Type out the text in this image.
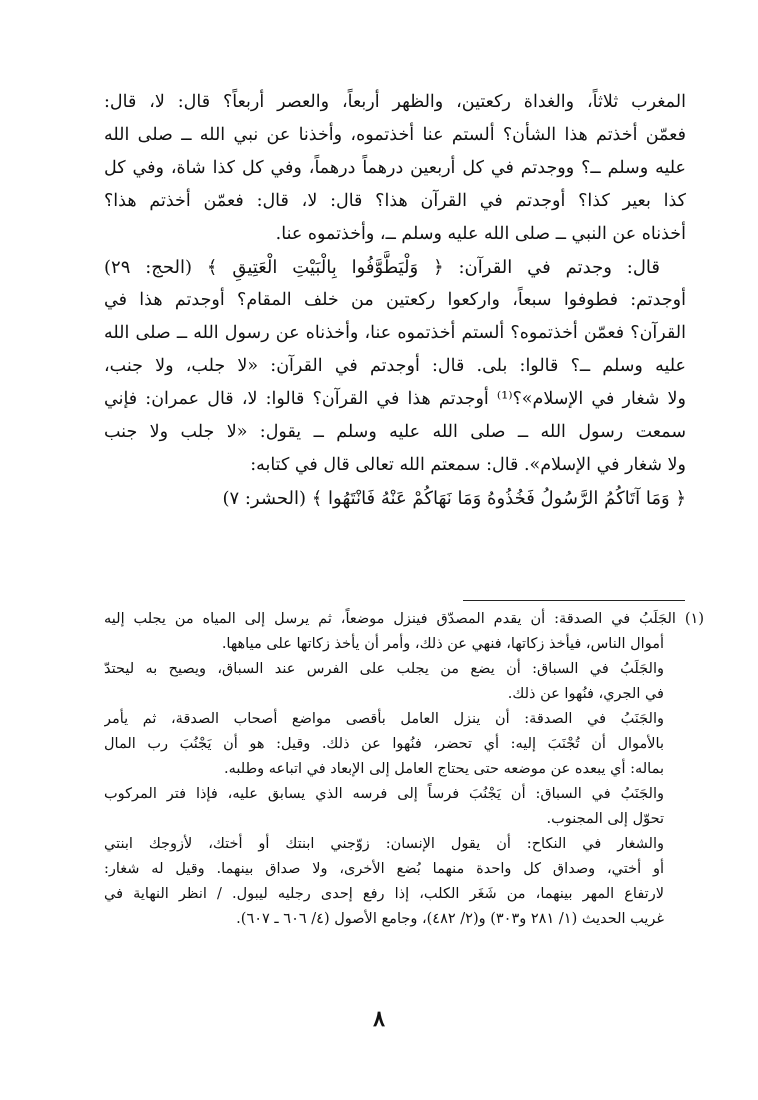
المغرب ثلاثاً، والغداة ركعتين، والظهر أربعاً، والعصر أربعاً؟ قال: لا، قال:
فعمّن أخذتم هذا الشأن؟ ألستم عنا أخذتموه، وأخذنا عن نبي الله ــ صلى الله
عليه وسلم ــ؟ ووجدتم في كل أربعين درهماً درهماً، وفي كل كذا شاة، وفي كل
كذا بعير كذا؟ أوجدتم في القرآن هذا؟ قال: لا، قال: فعمّن أخذتم هذا؟
أخذناه عن النبي ــ صلى الله عليه وسلم ــ، وأخذتموه عنا.
قال: وجدتم في القرآن: ﴿ وَلْيَطَّوَّفُوا بِالْبَيْتِ الْعَتِيقِ ﴾ (الحج: ٢٩)
أوجدتم: فطوفوا سبعاً، واركعوا ركعتين من خلف المقام؟ أوجدتم هذا في
القرآن؟ فعمّن أخذتموه؟ ألستم أخذتموه عنا، وأخذناه عن رسول الله ــ صلى الله
عليه وسلم ــ؟ قالوا: بلى. قال: أوجدتم في القرآن: «لا جلب، ولا جنب،
ولا شغار في الإسلام»؟⁽¹⁾ أوجدتم هذا في القرآن؟ قالوا: لا، قال عمران: فإني
سمعت رسول الله ــ صلى الله عليه وسلم ــ يقول: «لا جلب ولا جنب
ولا شغار في الإسلام». قال: سمعتم الله تعالى قال في كتابه:
﴿ وَمَا آتَاكُمُ الرَّسُولُ فَخُذُوهُ وَمَا نَهَاكُمْ عَنْهُ فَانْتَهُوا ﴾ (الحشر: ٧)
(١) الجَلَبُ في الصدقة: أن يقدم المصدّق فينزل موضعاً، ثم يرسل إلى المياه من يجلب إليه
أموال الناس، فيأخذ زكاتها، فنهي عن ذلك، وأمر أن يأخذ زكاتها على مياهها.
والجَلَبُ في السباق: أن يضع من يجلب على الفرس عند السباق، ويصيح به ليحتدّ
في الجري، فنُهوا عن ذلك.
والجَنَبُ في الصدقة: أن ينزل العامل بأقصى مواضع أصحاب الصدقة، ثم يأمر
بالأموال أن تُجْنَبَ إليه: أي تحضر، فنُهوا عن ذلك. وقيل: هو أن يَجْنُبَ رب المال
بماله: أي يبعده عن موضعه حتى يحتاج العامل إلى الإبعاد في اتباعه وطلبه.
والجَنَبُ في السباق: أن يَجْنُبَ فرساً إلى فرسه الذي يسابق عليه، فإذا فتر المركوب
تحوّل إلى المجنوب.
والشغار في النكاح: أن يقول الإنسان: زوّجني ابنتك أو أختك، لأزوجك ابنتي
أو أختي، وصداق كل واحدة منهما بُضع الأخرى، ولا صداق بينهما. وقيل له شغار:
لارتفاع المهر بينهما، من شَغَر الكلب، إذا رفع إحدى رجليه ليبول. / انظر النهاية في
غريب الحديث (١/ ٢٨١ و٣٠٣) و(٢/ ٤٨٢)، وجامع الأصول (٤/ ٦٠٦ ـ ٦٠٧).
٨
